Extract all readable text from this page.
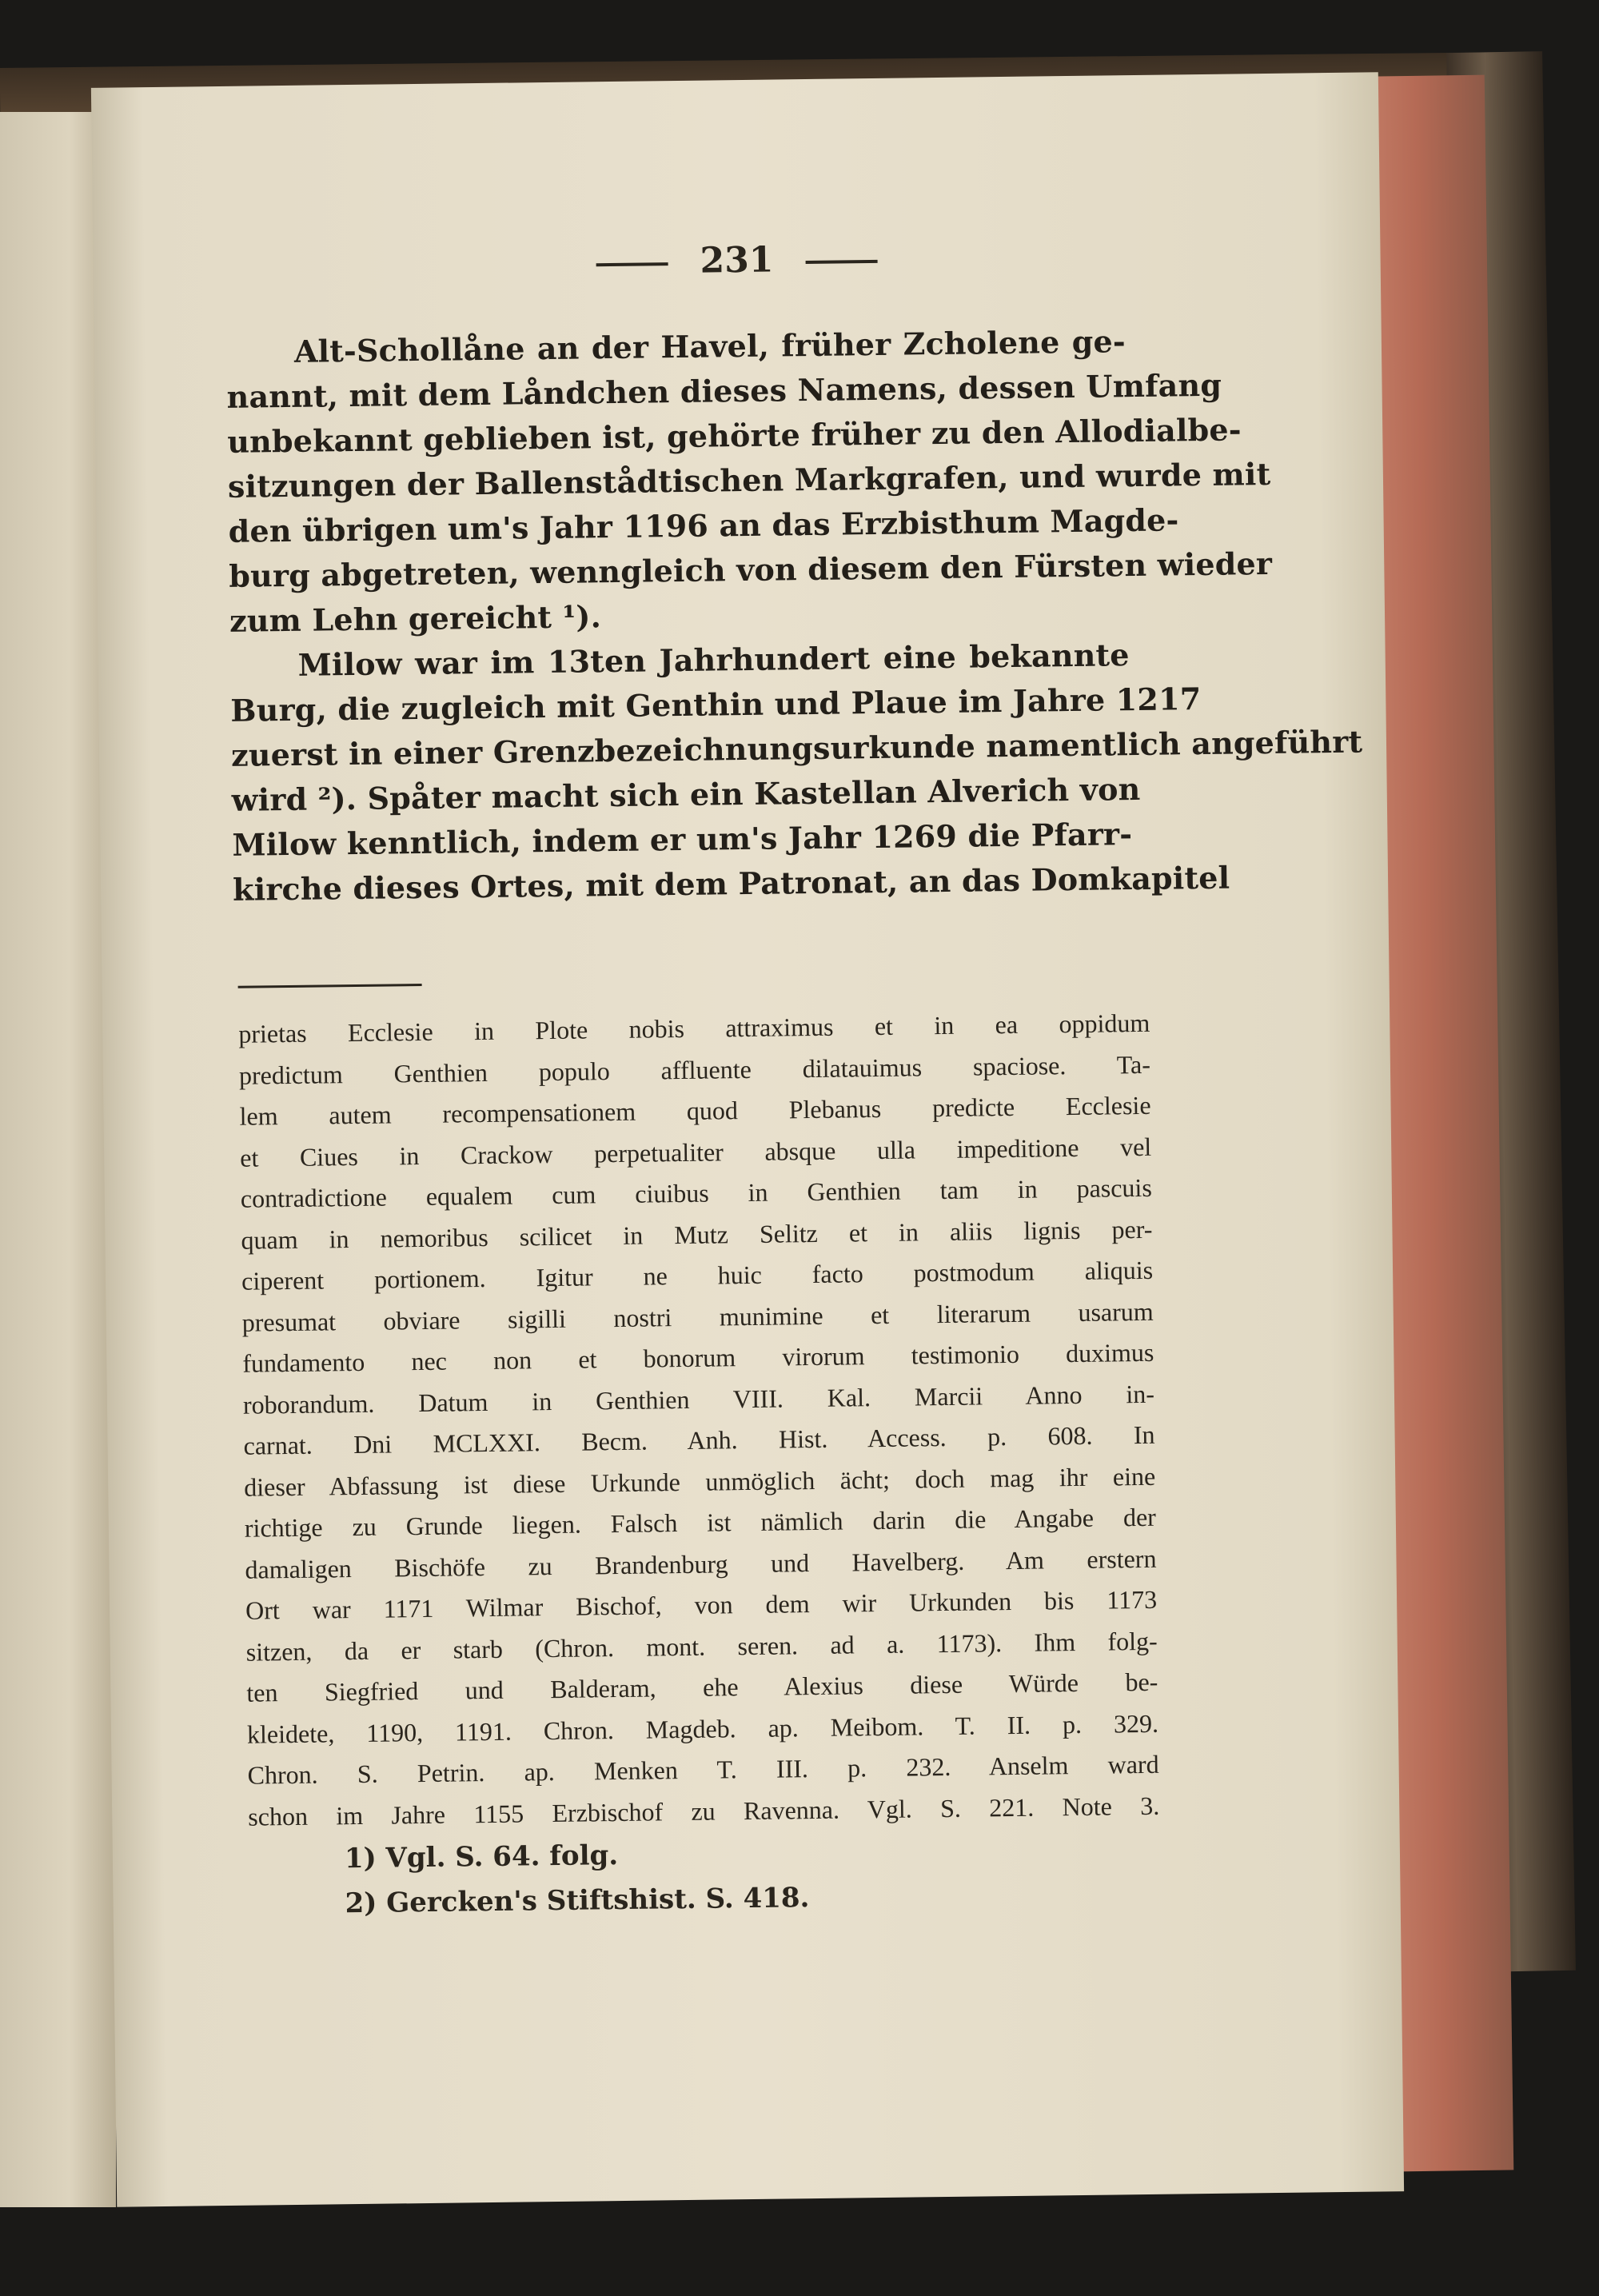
231
Alt-Schollåne an der Havel, früher Zcholene ge-
nannt, mit dem Låndchen dieses Namens, dessen Umfang
unbekannt geblieben ist, gehörte früher zu den Allodialbe-
sitzungen der Ballenstådtischen Markgrafen, und wurde mit
den übrigen um's Jahr 1196 an das Erzbisthum Magde-
burg abgetreten, wenngleich von diesem den Fürsten wieder
zum Lehn gereicht ¹).
Milow war im 13ten Jahrhundert eine bekannte
Burg, die zugleich mit Genthin und Plaue im Jahre 1217
zuerst in einer Grenzbezeichnungsurkunde namentlich angeführt
wird ²). Spåter macht sich ein Kastellan Alverich von
Milow kenntlich, indem er um's Jahr 1269 die Pfarr-
kirche dieses Ortes, mit dem Patronat, an das Domkapitel
prietas Ecclesie in Plote nobis attraximus et in ea oppidum
predictum Genthien populo affluente dilatauimus spaciose. Ta-
lem autem recompensationem quod Plebanus predicte Ecclesie
et Ciues in Crackow perpetualiter absque ulla impeditione vel
contradictione equalem cum ciuibus in Genthien tam in pascuis
quam in nemoribus scilicet in Mutz Selitz et in aliis lignis per-
ciperent portionem. Igitur ne huic facto postmodum aliquis
presumat obviare sigilli nostri munimine et literarum usarum
fundamento nec non et bonorum virorum testimonio duximus
roborandum. Datum in Genthien VIII. Kal. Marcii Anno in-
carnat. Dni MCLXXI. Becm. Anh. Hist. Access. p. 608. In
dieser Abfassung ist diese Urkunde unmöglich ächt; doch mag ihr eine
richtige zu Grunde liegen. Falsch ist nämlich darin die Angabe der
damaligen Bischöfe zu Brandenburg und Havelberg. Am erstern
Ort war 1171 Wilmar Bischof, von dem wir Urkunden bis 1173
sitzen, da er starb (Chron. mont. seren. ad a. 1173). Ihm folg-
ten Siegfried und Balderam, ehe Alexius diese Würde be-
kleidete, 1190, 1191. Chron. Magdeb. ap. Meibom. T. II. p. 329.
Chron. S. Petrin. ap. Menken T. III. p. 232. Anselm ward
schon im Jahre 1155 Erzbischof zu Ravenna. Vgl. S. 221. Note 3.
1) Vgl. S. 64. folg.
2) Gercken's Stiftshist. S. 418.
